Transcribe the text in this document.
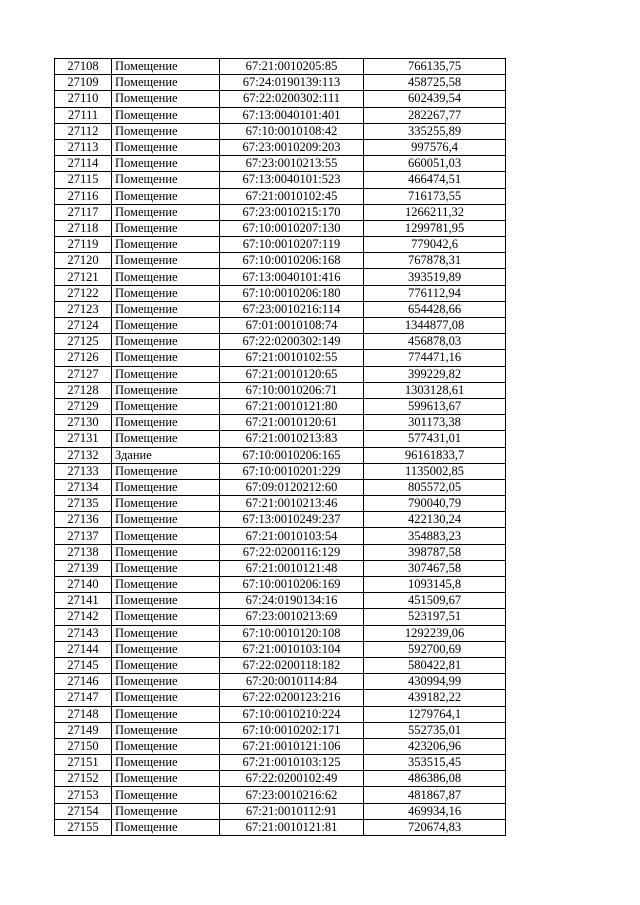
27108	Помещение	67:21:0010205:85	766135,75
27109	Помещение	67:24:0190139:113	458725,58
27110	Помещение	67:22:0200302:111	602439,54
27111	Помещение	67:13:0040101:401	282267,77
27112	Помещение	67:10:0010108:42	335255,89
27113	Помещение	67:23:0010209:203	997576,4
27114	Помещение	67:23:0010213:55	660051,03
27115	Помещение	67:13:0040101:523	466474,51
27116	Помещение	67:21:0010102:45	716173,55
27117	Помещение	67:23:0010215:170	1266211,32
27118	Помещение	67:10:0010207:130	1299781,95
27119	Помещение	67:10:0010207:119	779042,6
27120	Помещение	67:10:0010206:168	767878,31
27121	Помещение	67:13:0040101:416	393519,89
27122	Помещение	67:10:0010206:180	776112,94
27123	Помещение	67:23:0010216:114	654428,66
27124	Помещение	67:01:0010108:74	1344877,08
27125	Помещение	67:22:0200302:149	456878,03
27126	Помещение	67:21:0010102:55	774471,16
27127	Помещение	67:21:0010120:65	399229,82
27128	Помещение	67:10:0010206:71	1303128,61
27129	Помещение	67:21:0010121:80	599613,67
27130	Помещение	67:21:0010120:61	301173,38
27131	Помещение	67:21:0010213:83	577431,01
27132	Здание	67:10:0010206:165	96161833,7
27133	Помещение	67:10:0010201:229	1135002,85
27134	Помещение	67:09:0120212:60	805572,05
27135	Помещение	67:21:0010213:46	790040,79
27136	Помещение	67:13:0010249:237	422130,24
27137	Помещение	67:21:0010103:54	354883,23
27138	Помещение	67:22:0200116:129	398787,58
27139	Помещение	67:21:0010121:48	307467,58
27140	Помещение	67:10:0010206:169	1093145,8
27141	Помещение	67:24:0190134:16	451509,67
27142	Помещение	67:23:0010213:69	523197,51
27143	Помещение	67:10:0010120:108	1292239,06
27144	Помещение	67:21:0010103:104	592700,69
27145	Помещение	67:22:0200118:182	580422,81
27146	Помещение	67:20:0010114:84	430994,99
27147	Помещение	67:22:0200123:216	439182,22
27148	Помещение	67:10:0010210:224	1279764,1
27149	Помещение	67:10:0010202:171	552735,01
27150	Помещение	67:21:0010121:106	423206,96
27151	Помещение	67:21:0010103:125	353515,45
27152	Помещение	67:22:0200102:49	486386,08
27153	Помещение	67:23:0010216:62	481867,87
27154	Помещение	67:21:0010112:91	469934,16
27155	Помещение	67:21:0010121:81	720674,83
